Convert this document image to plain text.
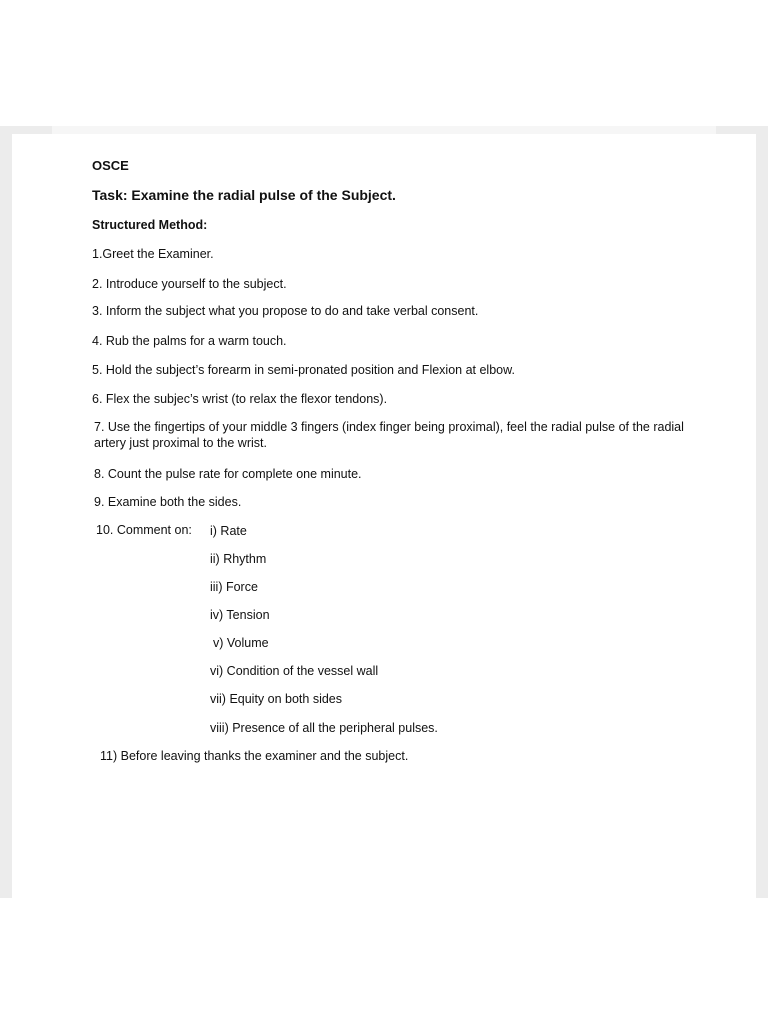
OSCE
Task: Examine the radial pulse of the Subject.
Structured Method:
1.Greet the Examiner.
2. Introduce yourself to the subject.
3. Inform the subject what you propose to do and take verbal consent.
4. Rub the palms for a warm touch.
5. Hold the subject’s forearm in semi-pronated position and Flexion at elbow.
6. Flex the subjec’s wrist (to relax the flexor tendons).
7. Use the fingertips of your middle 3 fingers (index finger being proximal), feel the radial pulse of the radial artery just proximal to the wrist.
8. Count the pulse rate for complete one minute.
9. Examine both the sides.
10. Comment on: i) Rate
ii) Rhythm
iii) Force
iv) Tension
v) Volume
vi) Condition of the vessel wall
vii) Equity on both sides
viii) Presence of all the peripheral pulses.
11) Before leaving thanks the examiner and the subject.
